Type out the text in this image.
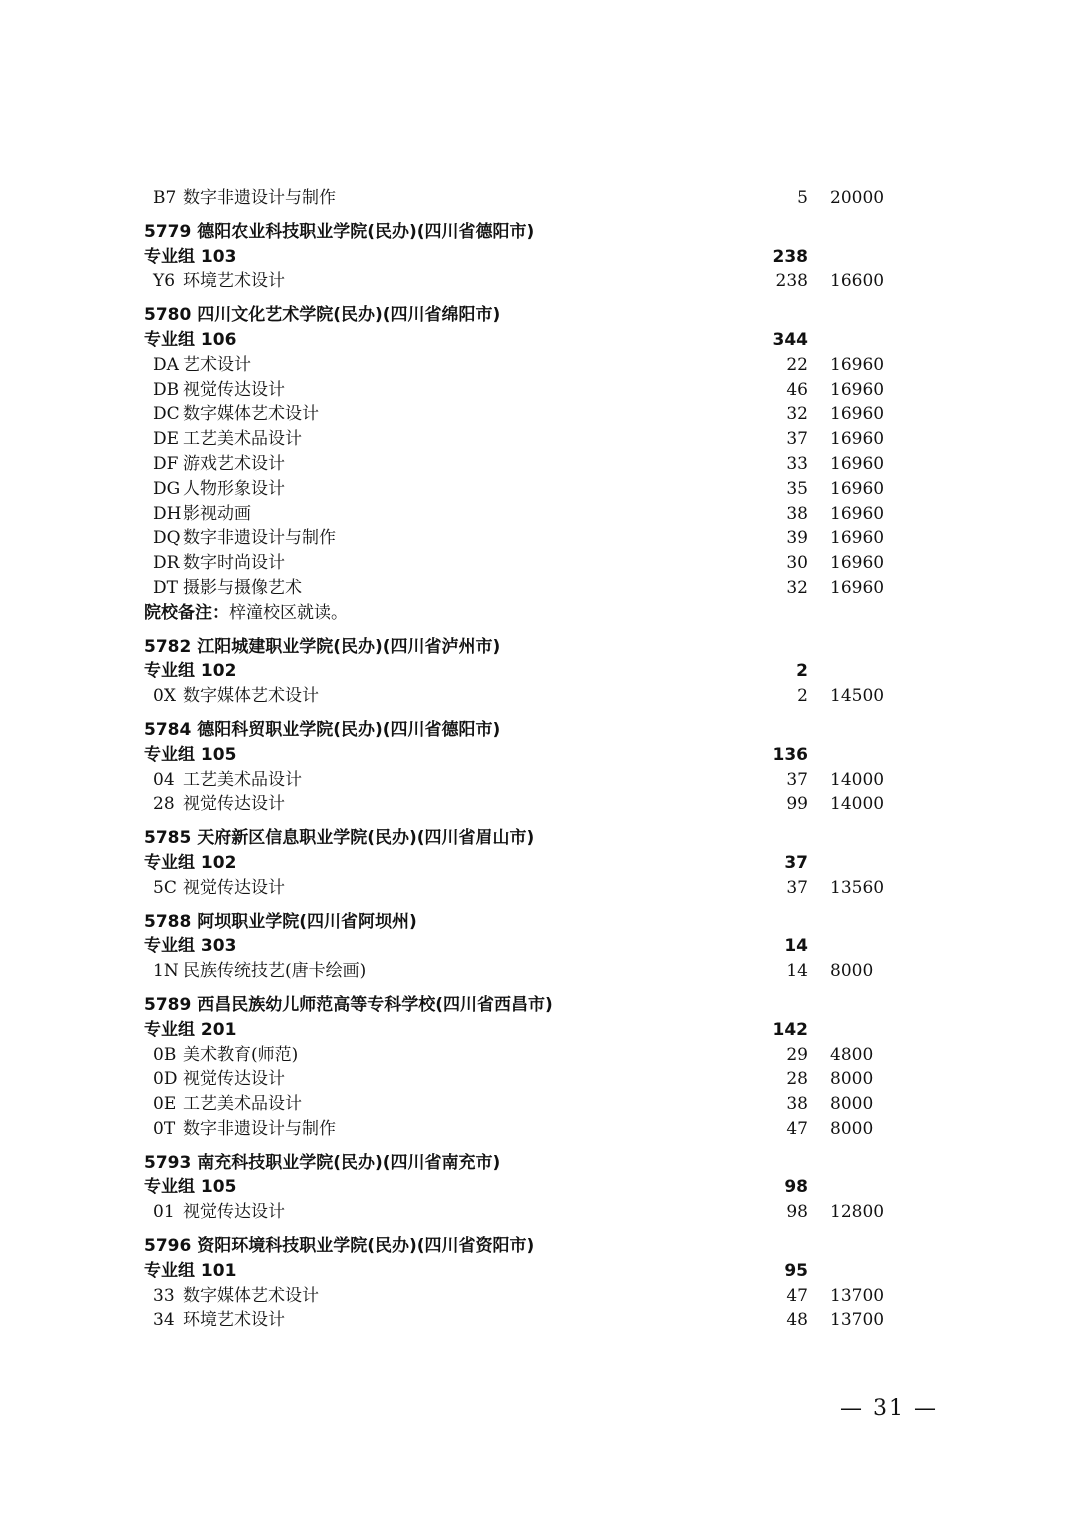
B7 数字非遗设计与制作	5 20000
5779 德阳农业科技职业学院(民办)(四川省德阳市)
专业组 103	238
Y6 环境艺术设计	238 16600
5780 四川文化艺术学院(民办)(四川省绵阳市)
专业组 106	344
DA 艺术设计	22 16960
DB 视觉传达设计	46 16960
DC 数字媒体艺术设计	32 16960
DE 工艺美术品设计	37 16960
DF 游戏艺术设计	33 16960
DG 人物形象设计	35 16960
DH影视动画	38 16960
DQ 数字非遗设计与制作	39 16960
DR 数字时尚设计	30 16960
DT 摄影与摄像艺术	32 16960
院校备注：梓潼校区就读。
5782 江阳城建职业学院(民办)(四川省泸州市)
专业组 102	2
0X 数字媒体艺术设计	2 14500
5784 德阳科贸职业学院(民办)(四川省德阳市)
专业组 105	136
04 工艺美术品设计	37 14000
28 视觉传达设计	99 14000
5785 天府新区信息职业学院(民办)(四川省眉山市)
专业组 102	37
5C 视觉传达设计	37 13560
5788 阿坝职业学院(四川省阿坝州)
专业组 303	14
1N 民族传统技艺(唐卡绘画)	14 8000
5789 西昌民族幼儿师范高等专科学校(四川省西昌市)
专业组 201	142
0B 美术教育(师范)	29 4800
0D 视觉传达设计	28 8000
0E 工艺美术品设计	38 8000
0T 数字非遗设计与制作	47 8000
5793 南充科技职业学院(民办)(四川省南充市)
专业组 105	98
01 视觉传达设计	98 12800
5796 资阳环境科技职业学院(民办)(四川省资阳市)
专业组 101	95
33 数字媒体艺术设计	47 13700
34 环境艺术设计	48 13700
— 31 —
